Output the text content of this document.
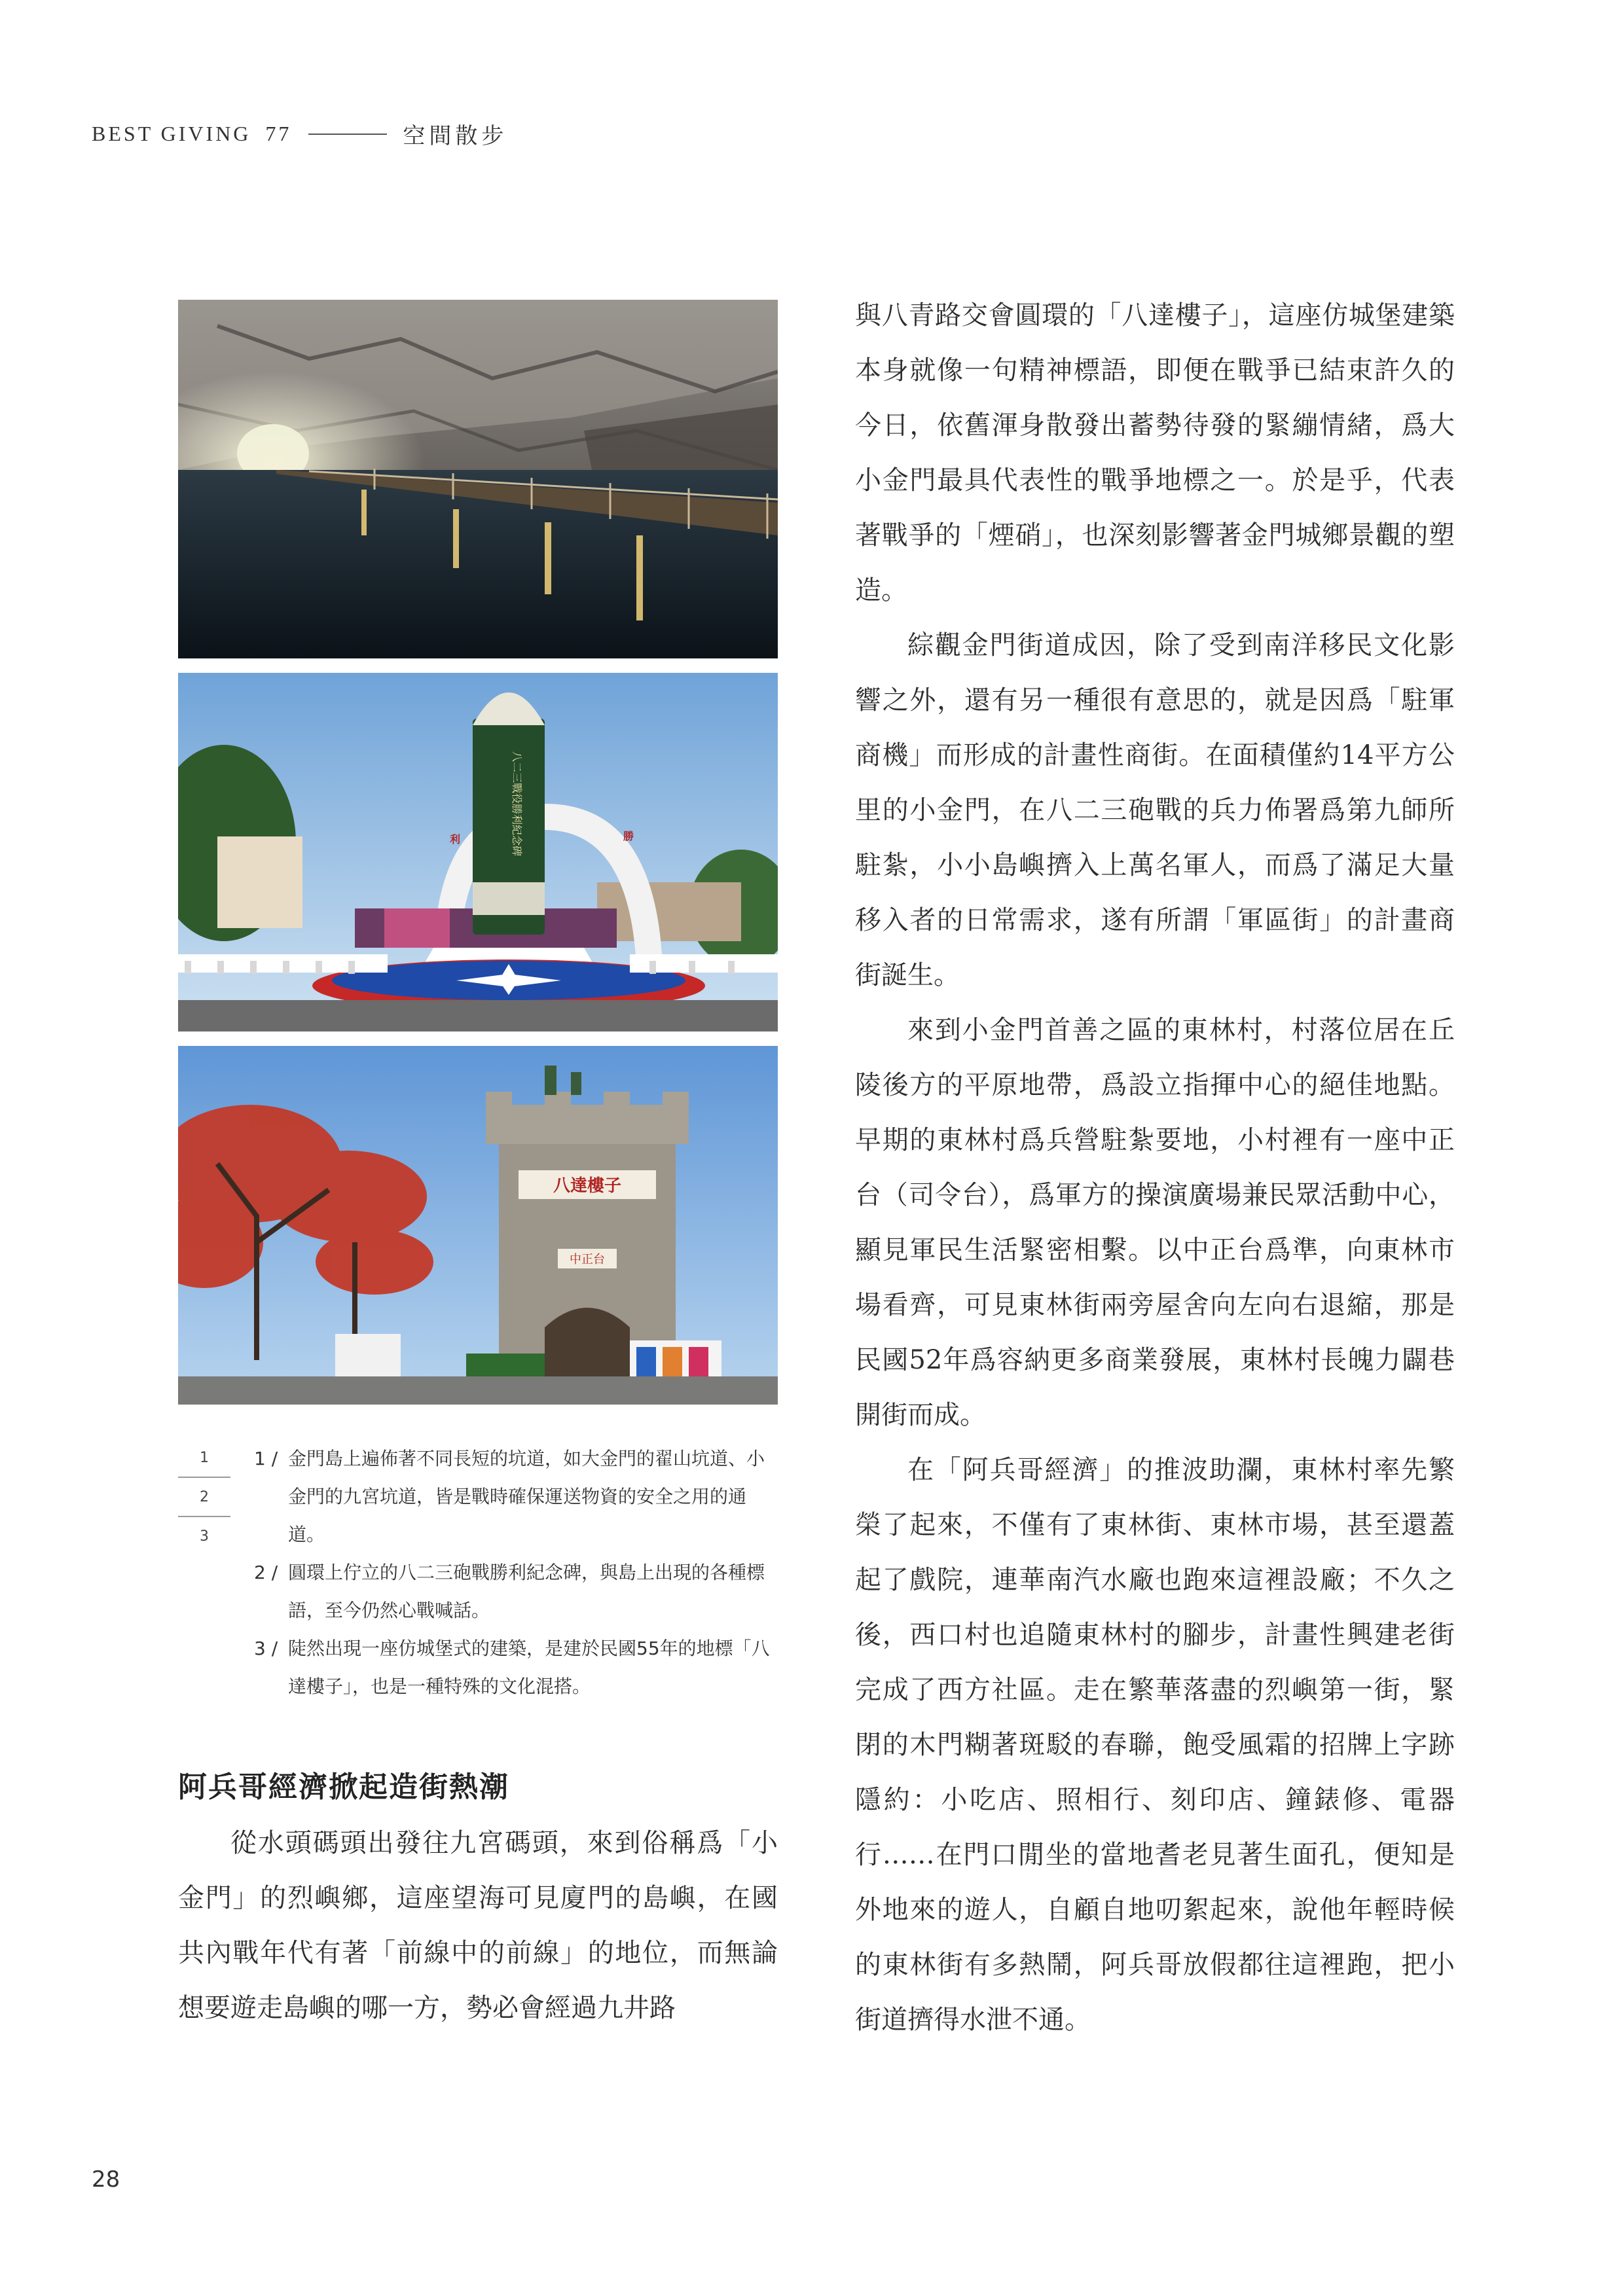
BEST GIVING 77	空間散步
利	勝
八二三戰役勝利紀念碑
八達樓子
中正台
1
2
3
1 / 金門島上遍佈著不同長短的坑道，如大金門的翟山坑道、小金門的九宮坑道，皆是戰時確保運送物資的安全之用的通道。
2 / 圓環上佇立的八二三砲戰勝利紀念碑，與島上出現的各種標語，至今仍然心戰喊話。
3 / 陡然出現一座仿城堡式的建築，是建於民國55年的地標「八達樓子」，也是一種特殊的文化混搭。
阿兵哥經濟掀起造街熱潮

從水頭碼頭出發往九宮碼頭，來到俗稱爲「小金門」的烈嶼鄉，這座望海可見廈門的島嶼，在國共內戰年代有著「前線中的前線」的地位，而無論想要遊走島嶼的哪一方，勢必會經過九井路

與八青路交會圓環的「八達樓子」，這座仿城堡建築本身就像一句精神標語，即便在戰爭已結束許久的今日，依舊渾身散發出蓄勢待發的緊繃情緒，爲大小金門最具代表性的戰爭地標之一。於是乎，代表著戰爭的「煙硝」，也深刻影響著金門城鄉景觀的塑造。

綜觀金門街道成因，除了受到南洋移民文化影響之外，還有另一種很有意思的，就是因爲「駐軍商機」而形成的計畫性商街。在面積僅約14平方公里的小金門，在八二三砲戰的兵力佈署爲第九師所駐紮，小小島嶼擠入上萬名軍人，而爲了滿足大量移入者的日常需求，遂有所謂「軍區街」的計畫商街誕生。

來到小金門首善之區的東林村，村落位居在丘陵後方的平原地帶，爲設立指揮中心的絕佳地點。早期的東林村爲兵營駐紮要地，小村裡有一座中正台（司令台），爲軍方的操演廣場兼民眾活動中心，顯見軍民生活緊密相繫。以中正台爲準，向東林市場看齊，可見東林街兩旁屋舍向左向右退縮，那是民國52年爲容納更多商業發展，東林村長魄力闢巷開街而成。

在「阿兵哥經濟」的推波助瀾，東林村率先繁榮了起來，不僅有了東林街、東林市場，甚至還蓋起了戲院，連華南汽水廠也跑來這裡設廠；不久之後，西口村也追隨東林村的腳步，計畫性興建老街完成了西方社區。走在繁華落盡的烈嶼第一街，緊閉的木門糊著斑駁的春聯，飽受風霜的招牌上字跡隱約：小吃店、照相行、刻印店、鐘錶修、電器行……在門口閒坐的當地耆老見著生面孔，便知是外地來的遊人，自顧自地叨絮起來，說他年輕時候的東林街有多熱鬧，阿兵哥放假都往這裡跑，把小街道擠得水泄不通。

28
